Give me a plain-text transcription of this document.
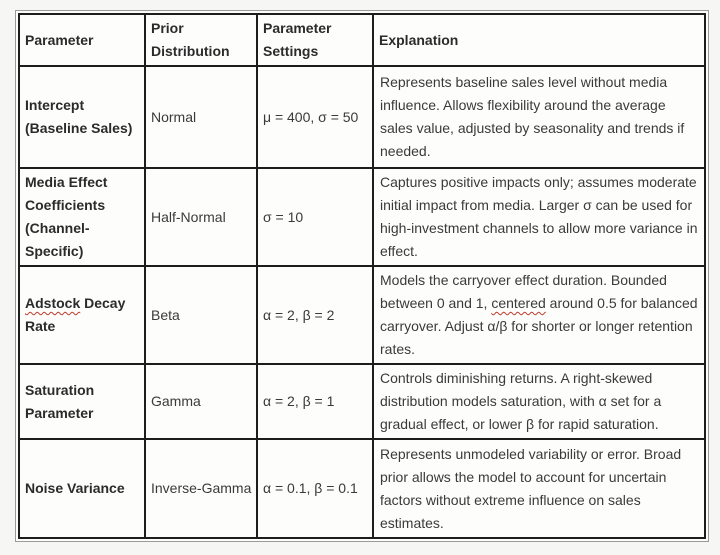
Parameter	Prior Distribution	Parameter Settings	Explanation
Intercept (Baseline Sales)	Normal	μ = 400, σ = 50	Represents baseline sales level without media influence. Allows flexibility around the average sales value, adjusted by seasonality and trends if needed.
Media Effect Coefficients (Channel-Specific)	Half-Normal	σ = 10	Captures positive impacts only; assumes moderate initial impact from media. Larger σ can be used for high-investment channels to allow more variance in effect.
Adstock Decay Rate	Beta	α = 2, β = 2	Models the carryover effect duration. Bounded between 0 and 1, centered around 0.5 for balanced carryover. Adjust α/β for shorter or longer retention rates.
Saturation Parameter	Gamma	α = 2, β = 1	Controls diminishing returns. A right-skewed distribution models saturation, with α set for a gradual effect, or lower β for rapid saturation.
Noise Variance	Inverse-Gamma	α = 0.1, β = 0.1	Represents unmodeled variability or error. Broad prior allows the model to account for uncertain factors without extreme influence on sales estimates.
